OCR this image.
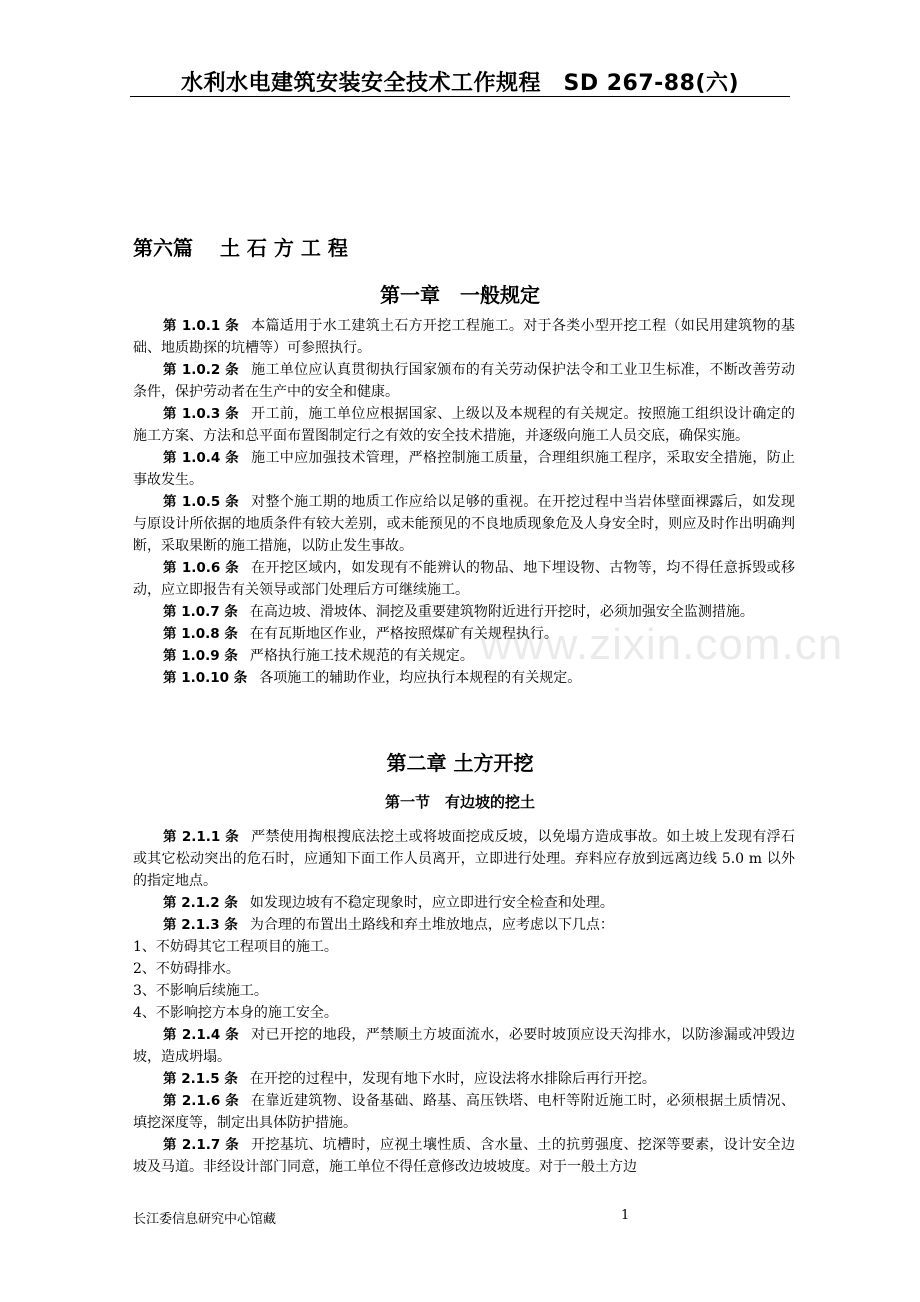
水利水电建筑安装安全技术工作规程　SD 267-88(六)
www.zixin.com.cn
第六篇　 土 石 方 工 程
第一章　一般规定

第 1.0.1 条 本篇适用于水工建筑土石方开挖工程施工。对于各类小型开挖工程（如民用建筑物的基础、地质勘探的坑槽等）可参照执行。

第 1.0.2 条 施工单位应认真贯彻执行国家颁布的有关劳动保护法令和工业卫生标准，不断改善劳动条件，保护劳动者在生产中的安全和健康。

第 1.0.3 条 开工前，施工单位应根据国家、上级以及本规程的有关规定。按照施工组织设计确定的施工方案、方法和总平面布置图制定行之有效的安全技术措施，并逐级向施工人员交底，确保实施。

第 1.0.4 条 施工中应加强技术管理，严格控制施工质量，合理组织施工程序，采取安全措施，防止事故发生。

第 1.0.5 条 对整个施工期的地质工作应给以足够的重视。在开挖过程中当岩体壁面裸露后，如发现与原设计所依据的地质条件有较大差别，或未能预见的不良地质现象危及人身安全时，则应及时作出明确判断，采取果断的施工措施，以防止发生事故。

第 1.0.6 条 在开挖区域内，如发现有不能辨认的物品、地下埋设物、古物等，均不得任意拆毁或移动，应立即报告有关领导或部门处理后方可继续施工。

第 1.0.7 条 在高边坡、滑坡体、洞挖及重要建筑物附近进行开挖时，必须加强安全监测措施。

第 1.0.8 条 在有瓦斯地区作业，严格按照煤矿有关规程执行。

第 1.0.9 条 严格执行施工技术规范的有关规定。

第 1.0.10 条 各项施工的辅助作业，均应执行本规程的有关规定。

第二章 土方开挖
第一节　有边坡的挖土

第 2.1.1 条 严禁使用掏根搜底法挖土或将坡面挖成反坡，以免塌方造成事故。如土坡上发现有浮石或其它松动突出的危石时，应通知下面工作人员离开，立即进行处理。弃料应存放到远离边线 5.0 m 以外的指定地点。

第 2.1.2 条 如发现边坡有不稳定现象时，应立即进行安全检查和处理。

第 2.1.3 条 为合理的布置出土路线和弃土堆放地点，应考虑以下几点：

1、不妨碍其它工程项目的施工。

2、不妨碍排水。

3、不影响后续施工。

4、不影响挖方本身的施工安全。

第 2.1.4 条 对已开挖的地段，严禁顺土方坡面流水，必要时坡顶应设天沟排水，以防渗漏或冲毁边坡，造成坍塌。

第 2.1.5 条 在开挖的过程中，发现有地下水时，应设法将水排除后再行开挖。

第 2.1.6 条 在靠近建筑物、设备基础、路基、高压铁塔、电杆等附近施工时，必须根据土质情况、填挖深度等，制定出具体防护措施。

第 2.1.7 条 开挖基坑、坑槽时，应视土壤性质、含水量、土的抗剪强度、挖深等要素，设计安全边坡及马道。非经设计部门同意，施工单位不得任意修改边坡坡度。对于一般土方边

长江委信息研究中心馆藏	1
